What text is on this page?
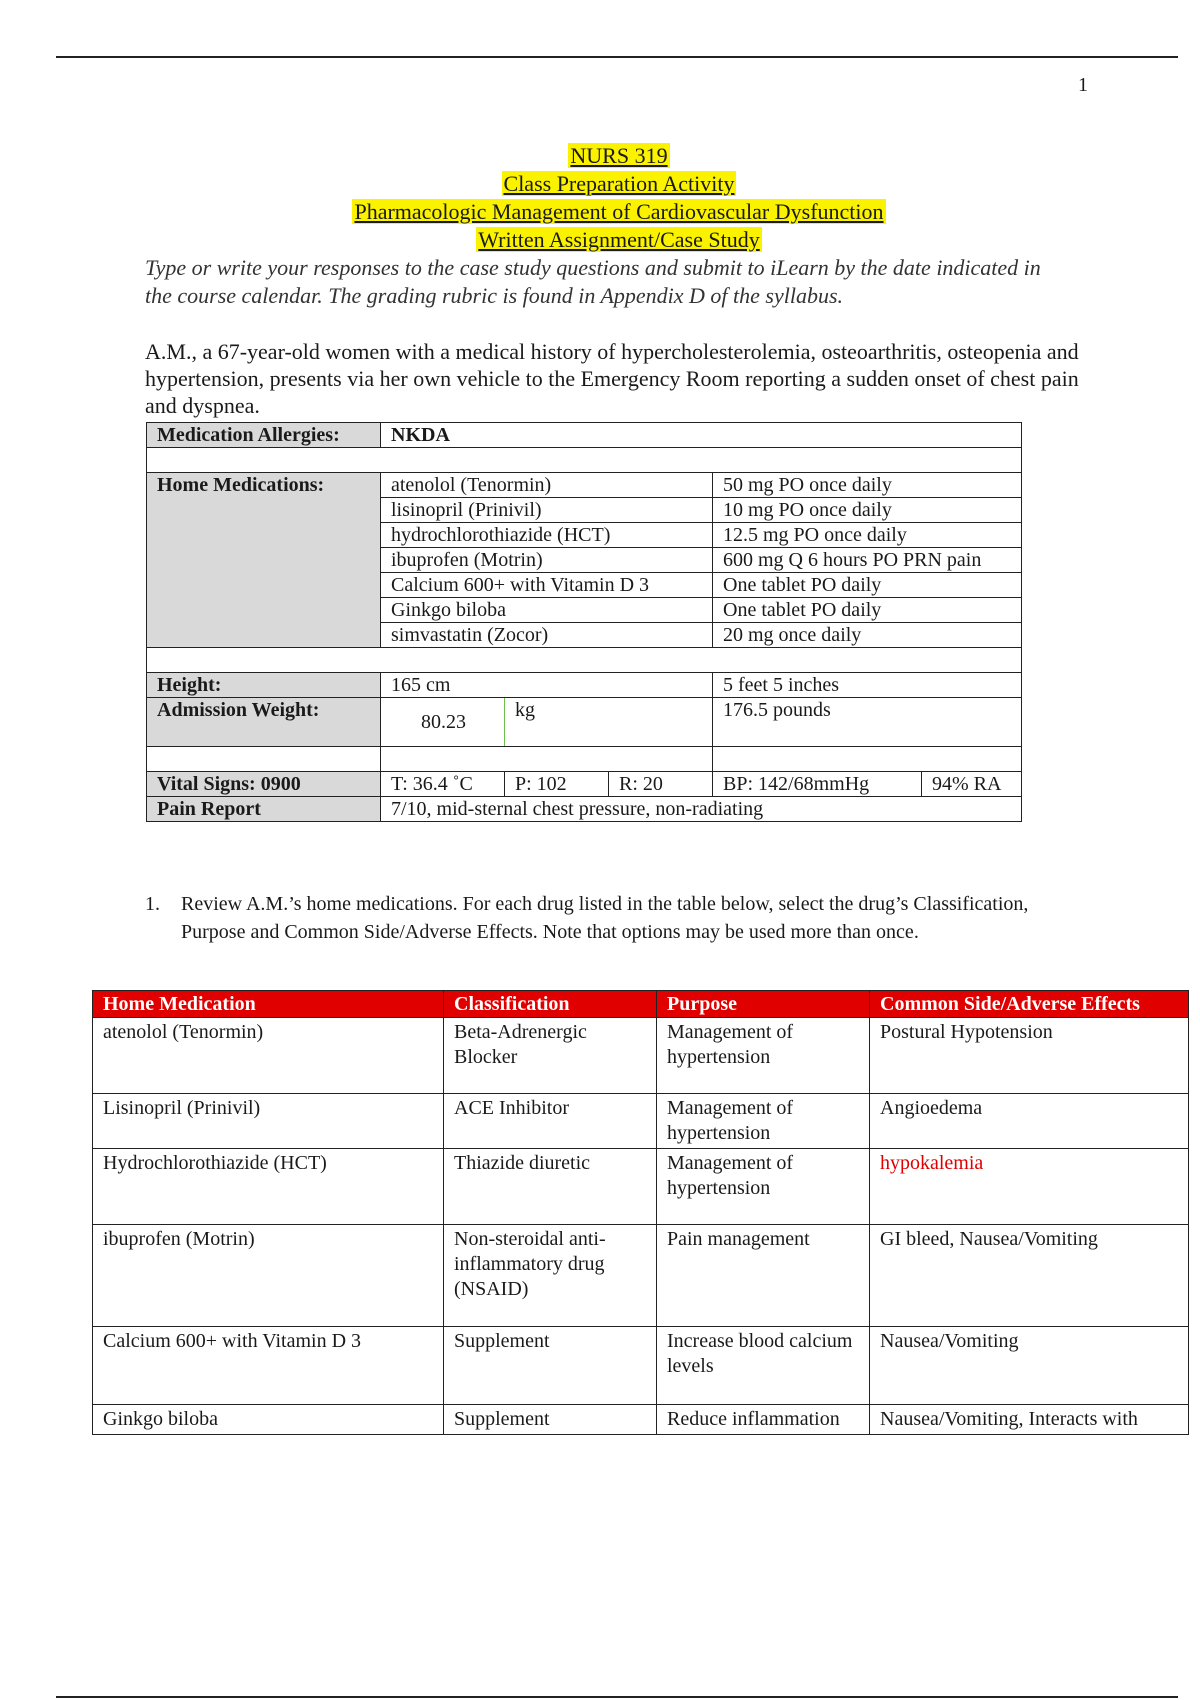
1
NURS 319
Class Preparation Activity
Pharmacologic Management of Cardiovascular Dysfunction
Written Assignment/Case Study
Type or write your responses to the case study questions and submit to iLearn by the date indicated in the course calendar. The grading rubric is found in Appendix D of the syllabus.
A.M., a 67-year-old women with a medical history of hypercholesterolemia, osteoarthritis, osteopenia and hypertension, presents via her own vehicle to the Emergency Room reporting a sudden onset of chest pain and dyspnea.
Medication Allergies:	NKDA				

Home Medications:	atenolol (Tenormin)			50 mg PO once daily	
	lisinopril (Prinivil)			10 mg PO once daily	
	hydrochlorothiazide (HCT)			12.5 mg PO once daily	
	ibuprofen (Motrin)			600 mg Q 6 hours PO PRN pain	
	Calcium 600+ with Vitamin D 3			One tablet PO daily	
	Ginkgo biloba			One tablet PO daily	
	simvastatin (Zocor)			20 mg once daily	

Height:	165 cm			5 feet 5 inches	
Admission Weight:	80.23	kg		176.5 pounds	

Vital Signs: 0900	T: 36.4 ˚C	P: 102	R: 20	BP: 142/68mmHg	94% RA
Pain Report	7/10, mid-sternal chest pressure, non-radiating				
1. Review A.M.’s home medications. For each drug listed in the table below, select the drug’s Classification, Purpose and Common Side/Adverse Effects. Note that options may be used more than once.
Home Medication	Classification	Purpose	Common Side/Adverse Effects
atenolol (Tenormin)	Beta-Adrenergic Blocker	Management of hypertension	Postural Hypotension
Lisinopril (Prinivil)	ACE Inhibitor	Management of hypertension	Angioedema
Hydrochlorothiazide (HCT)	Thiazide diuretic	Management of hypertension	hypokalemia
ibuprofen (Motrin)	Non-steroidal anti-inflammatory drug (NSAID)	Pain management	GI bleed, Nausea/Vomiting
Calcium 600+ with Vitamin D 3	Supplement	Increase blood calcium levels	Nausea/Vomiting
Ginkgo biloba	Supplement	Reduce inflammation	Nausea/Vomiting, Interacts with
